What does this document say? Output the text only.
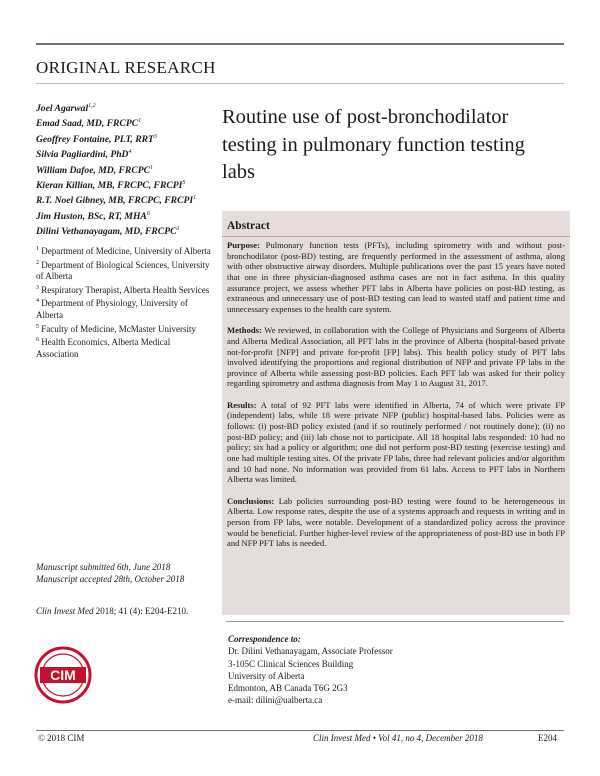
ORIGINAL RESEARCH
Joel Agarwal$^{1,2}$
Emad Saad, MD, FRCPC$^1$
Geoffrey Fontaine, PLT, RRT$^3$
Silvia Pagliardini, PhD$^4$
William Dafoe, MD, FRCPC$^1$
Kieran Killian, MB, FRCPC, FRCPI$^5$
R.T. Noel Gibney, MB, FRCPC, FRCPI$^1$
Jim Huston, BSc, RT, MHA$^6$
Dilini Vethanayagam, MD, FRCPC$^1$
Routine use of post-bronchodilator testing in pulmonary function testing labs
$^1$ Department of Medicine, University of Alberta
$^2$ Department of Biological Sciences, University of Alberta
$^3$ Respiratory Therapist, Alberta Health Services
$^4$ Department of Physiology, University of Alberta
$^5$ Faculty of Medicine, McMaster University
$^6$ Health Economics, Alberta Medical Association
Abstract

Purpose: Pulmonary function tests (PFTs), including spirometry with and without post-bronchodilator (post-BD) testing, are frequently performed in the assessment of asthma, along with other obstructive airway disorders. Multiple publications over the past 15 years have noted that one in three physician-diagnosed asthma cases are not in fact asthma. In this quality assurance project, we assess whether PFT labs in Alberta have policies on post-BD testing, as extraneous and unnecessary use of post-BD testing can lead to wasted staff and patient time and unnecessary expenses to the health care system.

Methods: We reviewed, in collaboration with the College of Physicians and Surgeons of Alberta and Alberta Medical Association, all PFT labs in the province of Alberta (hospital-based private not-for-profit [NFP] and private for-profit [FP] labs). This health policy study of PFT labs involved identifying the proportions and regional distribution of NFP and private FP labs in the province of Alberta while assessing post-BD policies. Each PFT lab was asked for their policy regarding spirometry and asthma diagnosis from May 1 to August 31, 2017.

Results: A total of 92 PFT labs were identified in Alberta, 74 of which were private FP (independent) labs, while 18 were private NFP (public) hospital-based labs. Policies were as follows: (i) post-BD policy existed (and if so routinely performed / not routinely done); (ii) no post-BD policy; and (iii) lab chose not to participate. All 18 hospital labs responded: 10 had no policy; six had a policy or algorithm; one did not perform post-BD testing (exercise testing) and one had multiple testing sites. Of the private FP labs, three had relevant policies and/or algorithm and 10 had none. No information was provided from 61 labs. Access to PFT labs in Northern Alberta was limited.

Conclusions: Lab policies surrounding post-BD testing were found to be heterogeneous in Alberta. Low response rates, despite the use of a systems approach and requests in writing and in person from FP labs, were notable. Development of a standardized policy across the province would be beneficial. Further higher-level review of the appropriateness of post-BD use in both FP and NFP PFT labs is needed.

Manuscript submitted 6th, June 2018
Manuscript accepted 28th, October 2018
Clin Invest Med 2018; 41 (4): E204-E210.
Correspondence to:
Dr. Dilini Vethanayagam, Associate Professor
3-105C Clinical Sciences Building
University of Alberta
Edmonton, AB Canada T6G 2G3
e-mail: dilini@ualberta.ca
CIM
© 2018 CIM	Clin Invest Med • Vol 41, no 4, December 2018	E204
